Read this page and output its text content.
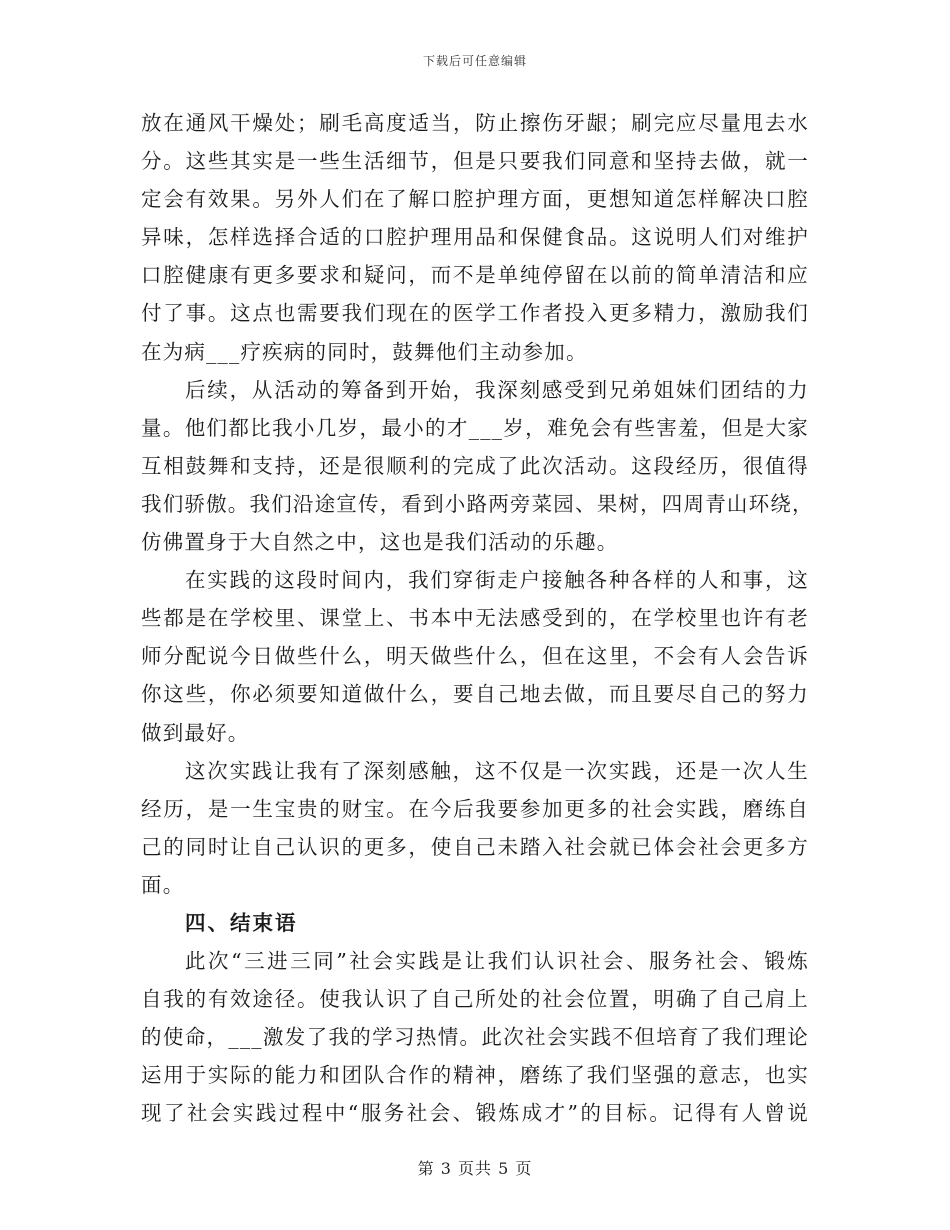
下载后可任意编辑
放在通风干燥处；刷毛高度适当，防止擦伤牙龈；刷完应尽量甩去水
分。这些其实是一些生活细节，但是只要我们同意和坚持去做，就一
定会有效果。另外人们在了解口腔护理方面，更想知道怎样解决口腔
异味，怎样选择合适的口腔护理用品和保健食品。这说明人们对维护
口腔健康有更多要求和疑问，而不是单纯停留在以前的简单清洁和应
付了事。这点也需要我们现在的医学工作者投入更多精力，激励我们
在为病___疗疾病的同时，鼓舞他们主动参加。
后续，从活动的筹备到开始，我深刻感受到兄弟姐妹们团结的力
量。他们都比我小几岁，最小的才___岁，难免会有些害羞，但是大家
互相鼓舞和支持，还是很顺利的完成了此次活动。这段经历，很值得
我们骄傲。我们沿途宣传，看到小路两旁菜园、果树，四周青山环绕，
仿佛置身于大自然之中，这也是我们活动的乐趣。
在实践的这段时间内，我们穿街走户接触各种各样的人和事，这
些都是在学校里、课堂上、书本中无法感受到的，在学校里也许有老
师分配说今日做些什么，明天做些什么，但在这里，不会有人会告诉
你这些，你必须要知道做什么，要自己地去做，而且要尽自己的努力
做到最好。
这次实践让我有了深刻感触，这不仅是一次实践，还是一次人生
经历，是一生宝贵的财宝。在今后我要参加更多的社会实践，磨练自
己的同时让自己认识的更多，使自己未踏入社会就已体会社会更多方
面。
四、结束语
此次“三进三同”社会实践是让我们认识社会、服务社会、锻炼
自我的有效途径。使我认识了自己所处的社会位置，明确了自己肩上
的使命，___激发了我的学习热情。此次社会实践不但培育了我们理论
运用于实际的能力和团队合作的精神，磨练了我们坚强的意志，也实
现了社会实践过程中“服务社会、锻炼成才”的目标。记得有人曾说
第 3 页共 5 页
